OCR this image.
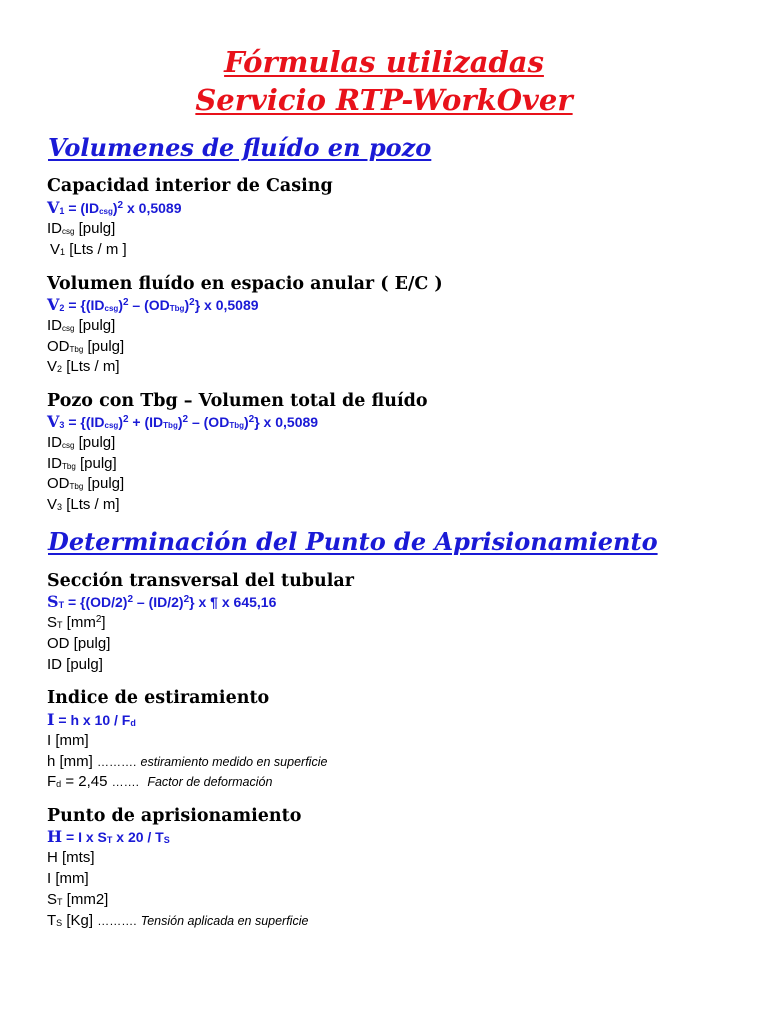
Fórmulas utilizadas
Servicio RTP-WorkOver
Volumenes de fluído en pozo
Capacidad interior de Casing
$V_1 = (ID_{csg})^2$ x 0,5089
$ID_{csg}$ [pulg]
$V_1$ [Lts / m ]
Volumen fluído en espacio anular ( E/C )
$V_2 = \{(ID_{csg})^2 - (OD_{Tbg})^2\}$ x 0,5089
$ID_{csg}$ [pulg]
$OD_{Tbg}$ [pulg]
$V_2$ [Lts / m]
Pozo con Tbg – Volumen total de fluído
$V_3 = \{(ID_{csg})^2 + (ID_{Tbg})^2 - (OD_{Tbg})^2\}$ x 0,5089
$ID_{csg}$ [pulg]
$ID_{Tbg}$ [pulg]
$OD_{Tbg}$ [pulg]
$V_3$ [Lts / m]
Determinación del Punto de Aprisionamiento
Sección transversal del tubular
$S_T = \{(OD/2)^2 - (ID/2)^2\}$ x ¶ x 645,16
$S_T$ $[mm^2]$
OD [pulg]
ID [pulg]
Indice de estiramiento
I = h x $10 / F_d$
I [mm]
h [mm] ………. estiramiento medido en superficie
$F_d = 2,45$ ……. Factor de deformación
Punto de aprisionamiento
H = I x $S_T$ x $20 / T_S$
H [mts]
I [mm]
$S_T$ [mm2]
$T_S$ [Kg] ………. Tensión aplicada en superficie
